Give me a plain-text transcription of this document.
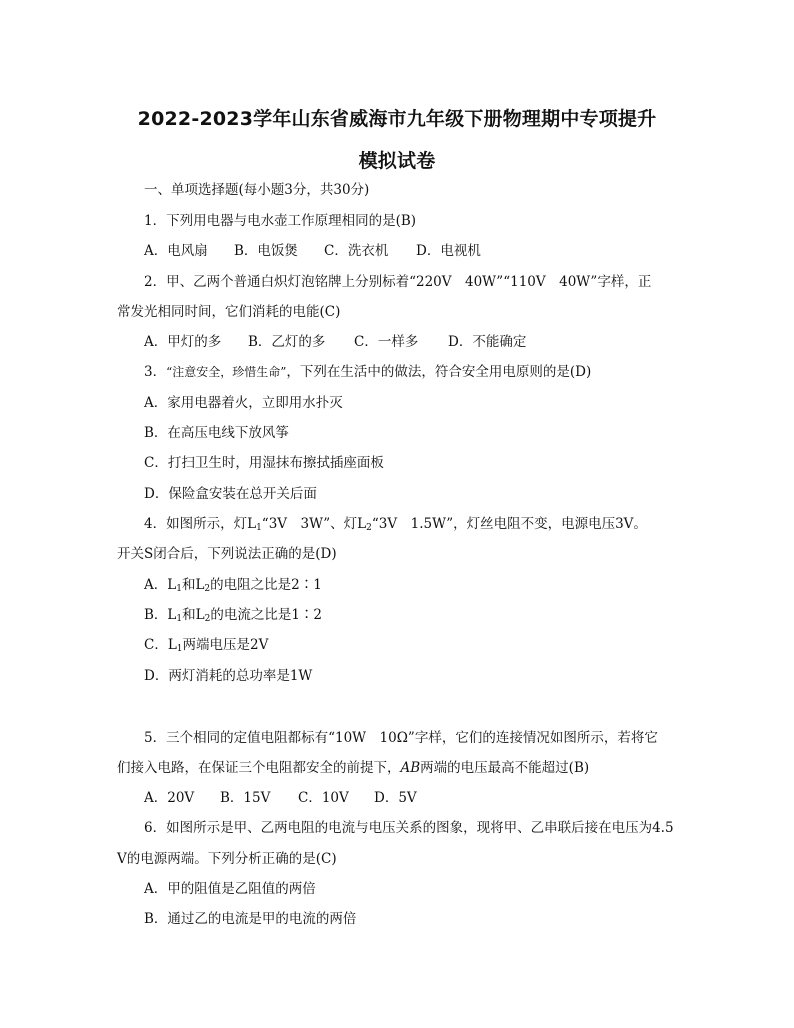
2022-2023学年山东省威海市九年级下册物理期中专项提升
模拟试卷
一、单项选择题(每小题3分，共30分)
1．下列用电器与电水壶工作原理相同的是(B)
A．电风扇 B．电饭煲 C．洗衣机 D．电视机
2．甲、乙两个普通白炽灯泡铭牌上分别标着“220V　40W”“110V　40W”字样，正
常发光相同时间，它们消耗的电能(C)
A．甲灯的多 B．乙灯的多 C．一样多 D．不能确定
3．“注意安全，珍惜生命”，下列在生活中的做法，符合安全用电原则的是(D)
A．家用电器着火，立即用水扑灭
B．在高压电线下放风筝
C．打扫卫生时，用湿抹布擦拭插座面板
D．保险盒安装在总开关后面
4．如图所示，灯$L_1“3V$　3W”、灯$L_2“3V$　1.5W”，灯丝电阻不变，电源电压3V。
开关S闭合后，下列说法正确的是(D)
A．$L_1$和$L_2$的电阻之比是2∶1
B．$L_1$和$L_2$的电流之比是1∶2
C．$L_1$两端电压是2V
D．两灯消耗的总功率是1W
5．三个相同的定值电阻都标有“10W　10Ω”字样，它们的连接情况如图所示，若将它
们接入电路，在保证三个电阻都安全的前提下，AB两端的电压最高不能超过(B)
A．20V B．15V C．10V D．5V
6．如图所示是甲、乙两电阻的电流与电压关系的图象，现将甲、乙串联后接在电压为4.5
V的电源两端。下列分析正确的是(C)
A．甲的阻值是乙阻值的两倍
B．通过乙的电流是甲的电流的两倍
